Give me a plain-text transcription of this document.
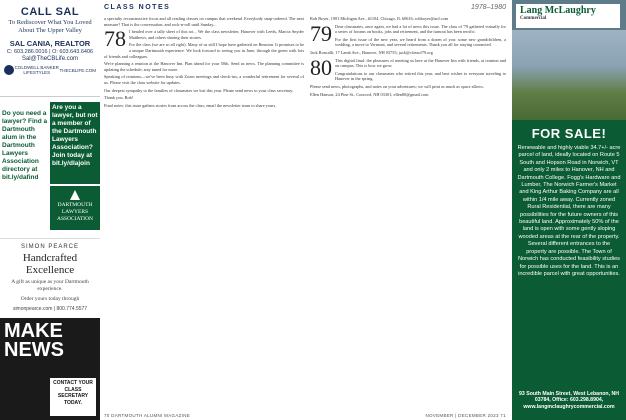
CALL SAL
To Rediscover What You Loved About The Upper Valley
SAL CANIA, REALTOR
C: 603.286.0016 | O: 603.643.6406
Sal@TheCBLife.com
COLDWELL BANKER
LIFESTYLES	THECBLIFE.COM
Do you need a lawyer? Find a Dartmouth alum in the Dartmouth Lawyers Association directory at bit.ly/dafind
Are you a lawyer, but not a member of the Dartmouth Lawyers Association? Join today at bit.ly/dlajoin
DARTMOUTH LAWYERS ASSOCIATION
SIMON PEARCE
Handcrafted Excellence
A gift as unique as your Dartmouth experience.
Order yours today through
simonpearce.com | 800.774.5577
MAKE NEWS
CONTACT YOUR CLASS SECRETARY TODAY.
CLASS NOTES

a specialty reconstructive focus and all reading classes on campus that weekend. Everybody snap-ordered. The next measure? That is the conversation, and rock-n-roll until Sunday...

78 I headed over a tally sheet of this rot... We the class newsletter, Hanover with Leeds, Marcia Snyder Matthews, and others sharing their stories.

For the class (we are so all right). Many of us still I hope have gathered on Reunion. It promises to be a unique Dartmouth experience. We look forward to seeing you in June, through the green with lots of friends and colleagues.

We're planning a reunion at the Hanover Inn. Plan ahead for your 50th. Send us news. The planning committee is updating the schedule; stay tuned for more.

Speaking of reunions—we've been busy with Zoom meetings and check-ins; a wonderful retirement for several of us. Please visit the class website for updates.

Our deepest sympathy to the families of classmates we lost this year. Please send news to your class secretary.

Thank you, Rob!

Final notes: this issue gathers stories from across the class; email the newsletter team to share yours.

70 DARTMOUTH ALUMNI MAGAZINE
1978–1980

Rob Boyer, 1901 Michigan Ave., #1104, Chicago, IL 60616; robboyer@aol.com

79 Dear classmates, once again, we had a lot of news this issue. The class of '79 gathered virtually for a series of forums on books, jobs and retirement, and the turnout has been terrific.

For the first issue of the new year, we heard from a dozen of you: some new grandchildren, a wedding, a move to Vermont, and several retirements. Thank you all for staying connected.

Jack Roncalli, 17 Lamb Ave., Hanover, NH 03755; jack@classof79.org

80 This digital final: the pleasures of meeting us here at the Hanover Inn with friends, at reunion and on campus. This is how we grow.

Congratulations to our classmates who retired this year, and best wishes to everyone traveling to Hanover in the spring.

Please send news, photographs, and notes on your adventures; we will print as much as space allows.

Ellen Hanson, 24 Pine St., Concord, NH 03301; ellen80@gmail.com

NOVEMBER | DECEMBER 2023 71
Lang McLaughry
Commercial
FOR SALE!
Renewable and highly viable 34.7+/- acre parcel of land, ideally located on Route 5 South and Hopson Road in Norwich, VT and only 2 miles to Hanover, NH and Dartmouth College. Fogg's Hardware and Lumber, The Norwich Farmer's Market and King Arthur Baking Company are all within 1/4 mile away. Currently zoned Rural Residential, there are many possibilities for the future owners of this beautiful land. Approximately 50% of the land is open with some gently sloping wooded areas at the rear of the property. Several different entrances to the property are possible. The Town of Norwich has conducted feasibility studies for possible uses for the land. This is an incredible parcel with great opportunities.
93 South Main Street, West Lebanon, NH 03784, Office: 603.298.8904, www.langmclaughrycommercial.com
